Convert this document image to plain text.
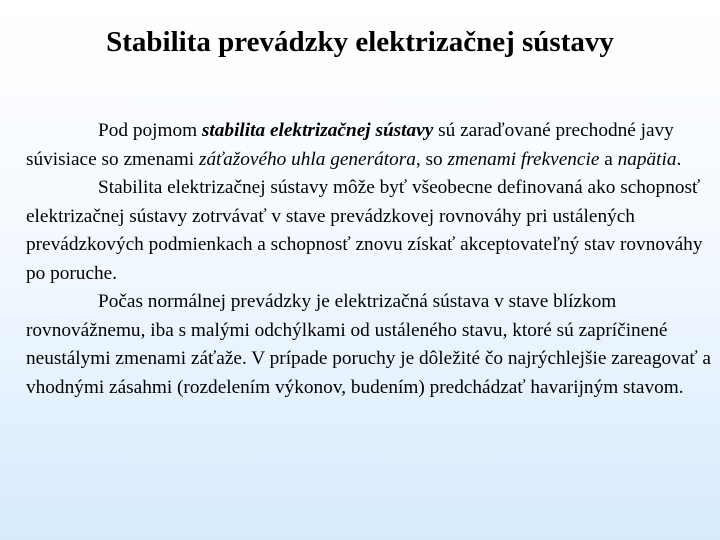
Stabilita prevádzky elektrizačnej sústavy

Pod pojmom stabilita elektrizačnej sústavy sú zaraďované prechodné javy súvisiace so zmenami záťažového uhla generátora, so zmenami frekvencie a napätia.

Stabilita elektrizačnej sústavy môže byť všeobecne definovaná ako schopnosť elektrizačnej sústavy zotrvávať v stave prevádzkovej rovnováhy pri ustálených prevádzkových podmienkach a schopnosť znovu získať akceptovateľný stav rovnováhy po poruche.

Počas normálnej prevádzky je elektrizačná sústava v stave blízkom rovnovážnemu, iba s malými odchýlkami od ustáleného stavu, ktoré sú zapríčinené neustálymi zmenami záťaže. V prípade poruchy je dôležité čo najrýchlejšie zareagovať a vhodnými zásahmi (rozdelením výkonov, budením) predchádzať havarijným stavom.
